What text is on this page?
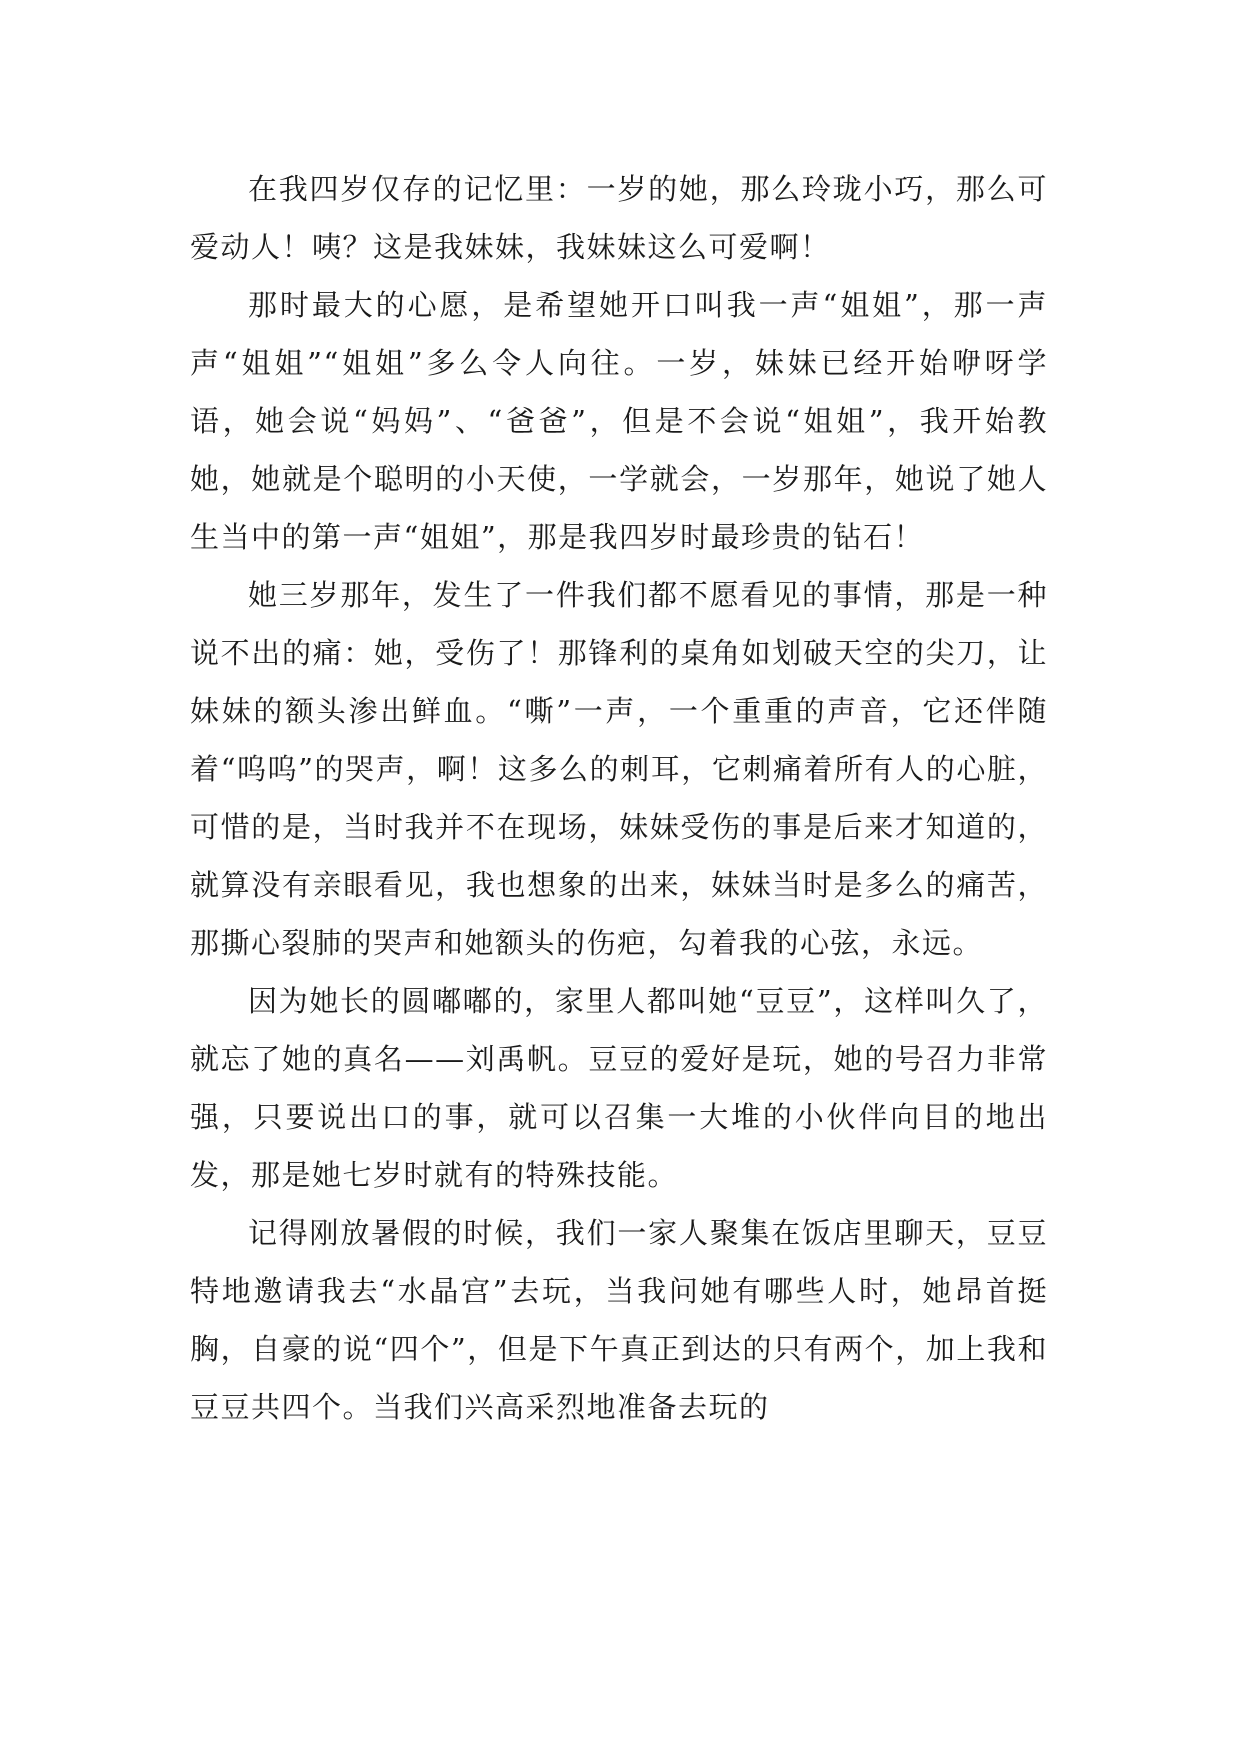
在我四岁仅存的记忆里：一岁的她，那么玲珑小巧，那么可爱动人！咦？这是我妹妹，我妹妹这么可爱啊！

那时最大的心愿，是希望她开口叫我一声“姐姐”，那一声声“姐姐”“姐姐”多么令人向往。一岁，妹妹已经开始咿呀学语，她会说“妈妈”、“爸爸”，但是不会说“姐姐”，我开始教她，她就是个聪明的小天使，一学就会，一岁那年，她说了她人生当中的第一声“姐姐”，那是我四岁时最珍贵的钻石！

她三岁那年，发生了一件我们都不愿看见的事情，那是一种说不出的痛：她，受伤了！那锋利的桌角如划破天空的尖刀，让妹妹的额头渗出鲜血。“嘶”一声，一个重重的声音，它还伴随着“呜呜”的哭声，啊！这多么的刺耳，它刺痛着所有人的心脏，可惜的是，当时我并不在现场，妹妹受伤的事是后来才知道的，就算没有亲眼看见，我也想象的出来，妹妹当时是多么的痛苦，那撕心裂肺的哭声和她额头的伤疤，勾着我的心弦，永远。

因为她长的圆嘟嘟的，家里人都叫她“豆豆”，这样叫久了，就忘了她的真名——刘禹帆。豆豆的爱好是玩，她的号召力非常强，只要说出口的事，就可以召集一大堆的小伙伴向目的地出发，那是她七岁时就有的特殊技能。

记得刚放暑假的时候，我们一家人聚集在饭店里聊天，豆豆特地邀请我去“水晶宫”去玩，当我问她有哪些人时，她昂首挺胸，自豪的说“四个”，但是下午真正到达的只有两个，加上我和豆豆共四个。当我们兴高采烈地准备去玩的
